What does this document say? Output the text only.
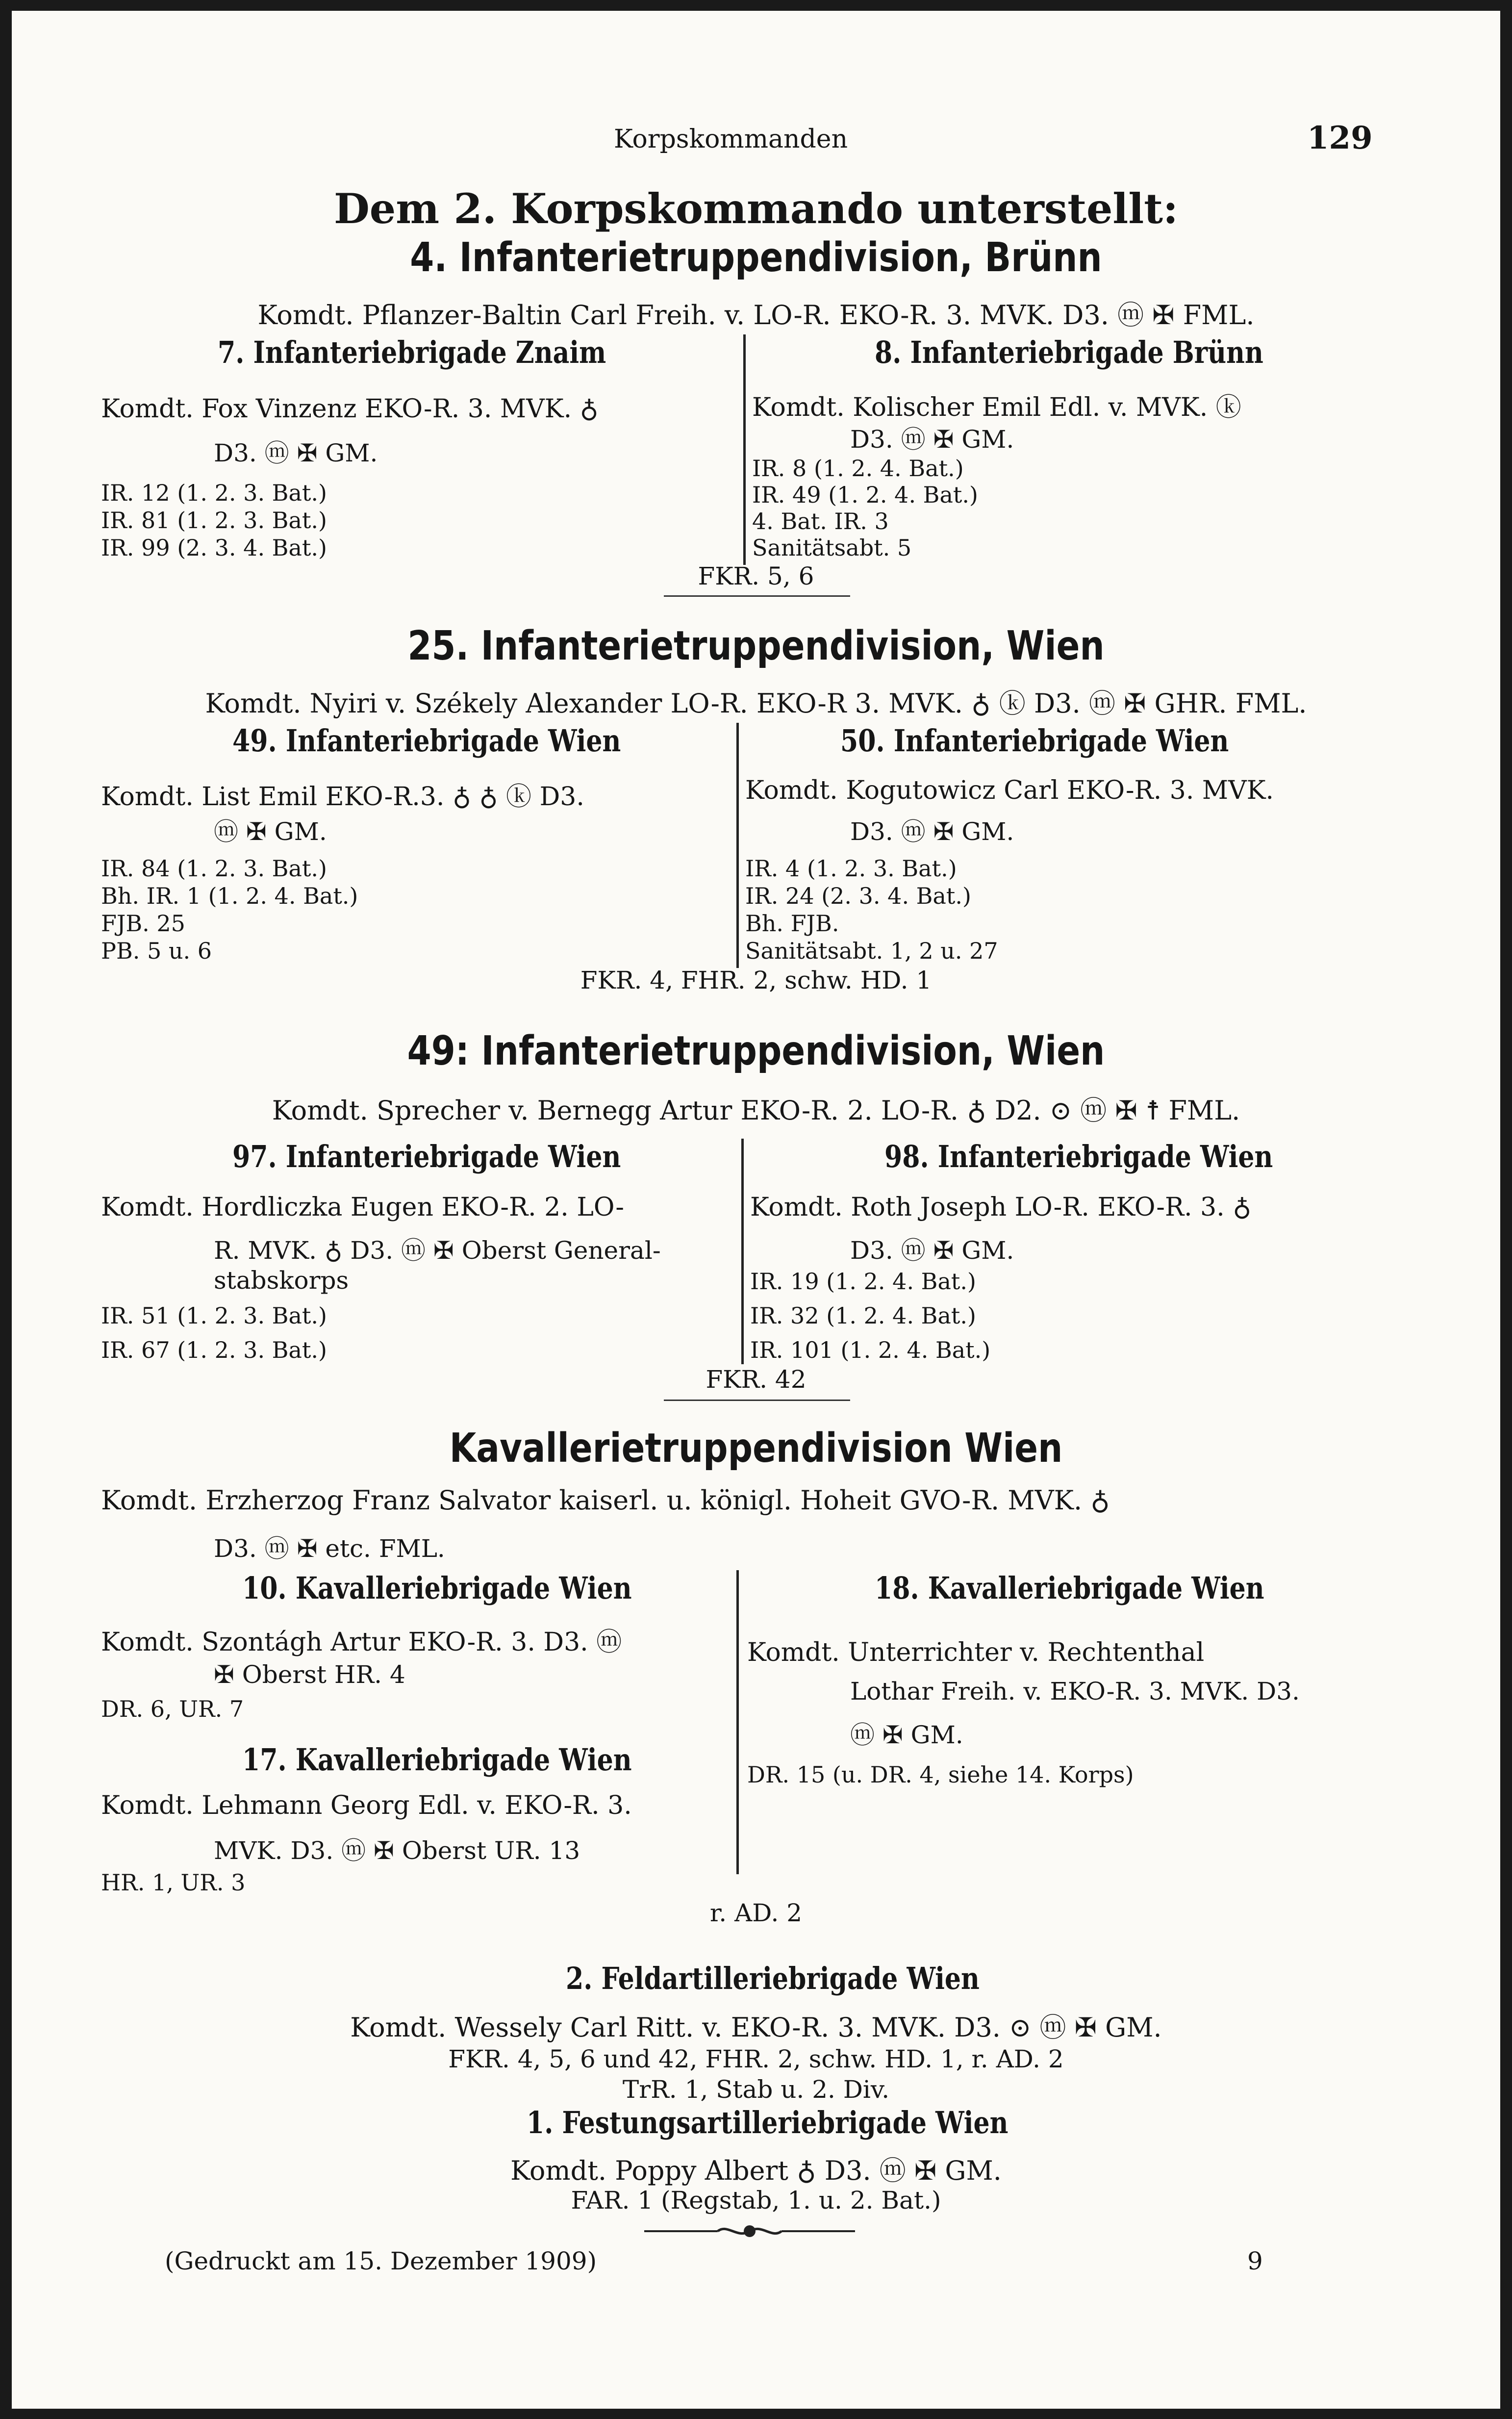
Korpskommanden	129
Dem 2. Korpskommando unterstellt:
4. Infanterietruppendivision, Brünn
Komdt. Pflanzer-Baltin Carl Freih. v. LO-R. EKO-R. 3. MVK. D3. ⓜ ✠ FML.
7. Infanteriebrigade Znaim	8. Infanteriebrigade Brünn
Komdt. Fox Vinzenz EKO-R. 3. MVK. ♁
D3. ⓜ ✠ GM.
IR. 12 (1. 2. 3. Bat.)
IR. 81 (1. 2. 3. Bat.)
IR. 99 (2. 3. 4. Bat.)
Komdt. Kolischer Emil Edl. v. MVK. ⓚ
D3. ⓜ ✠ GM.
IR. 8 (1. 2. 4. Bat.)
IR. 49 (1. 2. 4. Bat.)
4. Bat. IR. 3
Sanitätsabt. 5
FKR. 5, 6
25. Infanterietruppendivision, Wien
Komdt. Nyiri v. Székely Alexander LO-R. EKO-R 3. MVK. ♁ ⓚ D3. ⓜ ✠ GHR. FML.
49. Infanteriebrigade Wien	50. Infanteriebrigade Wien
Komdt. List Emil EKO-R.3. ♁ ♁ ⓚ D3.
ⓜ ✠ GM.
IR. 84 (1. 2. 3. Bat.)
Bh. IR. 1 (1. 2. 4. Bat.)
FJB. 25
PB. 5 u. 6
Komdt. Kogutowicz Carl EKO-R. 3. MVK.
D3. ⓜ ✠ GM.
IR. 4 (1. 2. 3. Bat.)
IR. 24 (2. 3. 4. Bat.)
Bh. FJB.
Sanitätsabt. 1, 2 u. 27
FKR. 4, FHR. 2, schw. HD. 1
49: Infanterietruppendivision, Wien
Komdt. Sprecher v. Bernegg Artur EKO-R. 2. LO-R. ♁ D2. ⊙ ⓜ ✠ ☨ FML.
97. Infanteriebrigade Wien	98. Infanteriebrigade Wien
Komdt. Hordliczka Eugen EKO-R. 2. LO-
R. MVK. ♁ D3. ⓜ ✠ Oberst General-
stabskorps
IR. 51 (1. 2. 3. Bat.)
IR. 67 (1. 2. 3. Bat.)
Komdt. Roth Joseph LO-R. EKO-R. 3. ♁
D3. ⓜ ✠ GM.
IR. 19 (1. 2. 4. Bat.)
IR. 32 (1. 2. 4. Bat.)
IR. 101 (1. 2. 4. Bat.)
FKR. 42
Kavallerietruppendivision Wien
Komdt. Erzherzog Franz Salvator kaiserl. u. königl. Hoheit GVO-R. MVK. ♁
D3. ⓜ ✠ etc. FML.
10. Kavalleriebrigade Wien	18. Kavalleriebrigade Wien
Komdt. Szontágh Artur EKO-R. 3. D3. ⓜ
✠ Oberst HR. 4
DR. 6, UR. 7
17. Kavalleriebrigade Wien
Komdt. Lehmann Georg Edl. v. EKO-R. 3.
MVK. D3. ⓜ ✠ Oberst UR. 13
HR. 1, UR. 3
Komdt. Unterrichter v. Rechtenthal
Lothar Freih. v. EKO-R. 3. MVK. D3.
ⓜ ✠ GM.
DR. 15 (u. DR. 4, siehe 14. Korps)
r. AD. 2
2. Feldartilleriebrigade Wien
Komdt. Wessely Carl Ritt. v. EKO-R. 3. MVK. D3. ⊙ ⓜ ✠ GM.
FKR. 4, 5, 6 und 42, FHR. 2, schw. HD. 1, r. AD. 2
TrR. 1, Stab u. 2. Div.
1. Festungsartilleriebrigade Wien
Komdt. Poppy Albert ♁ D3. ⓜ ✠ GM.
FAR. 1 (Regstab, 1. u. 2. Bat.)
(Gedruckt am 15. Dezember 1909)	9
